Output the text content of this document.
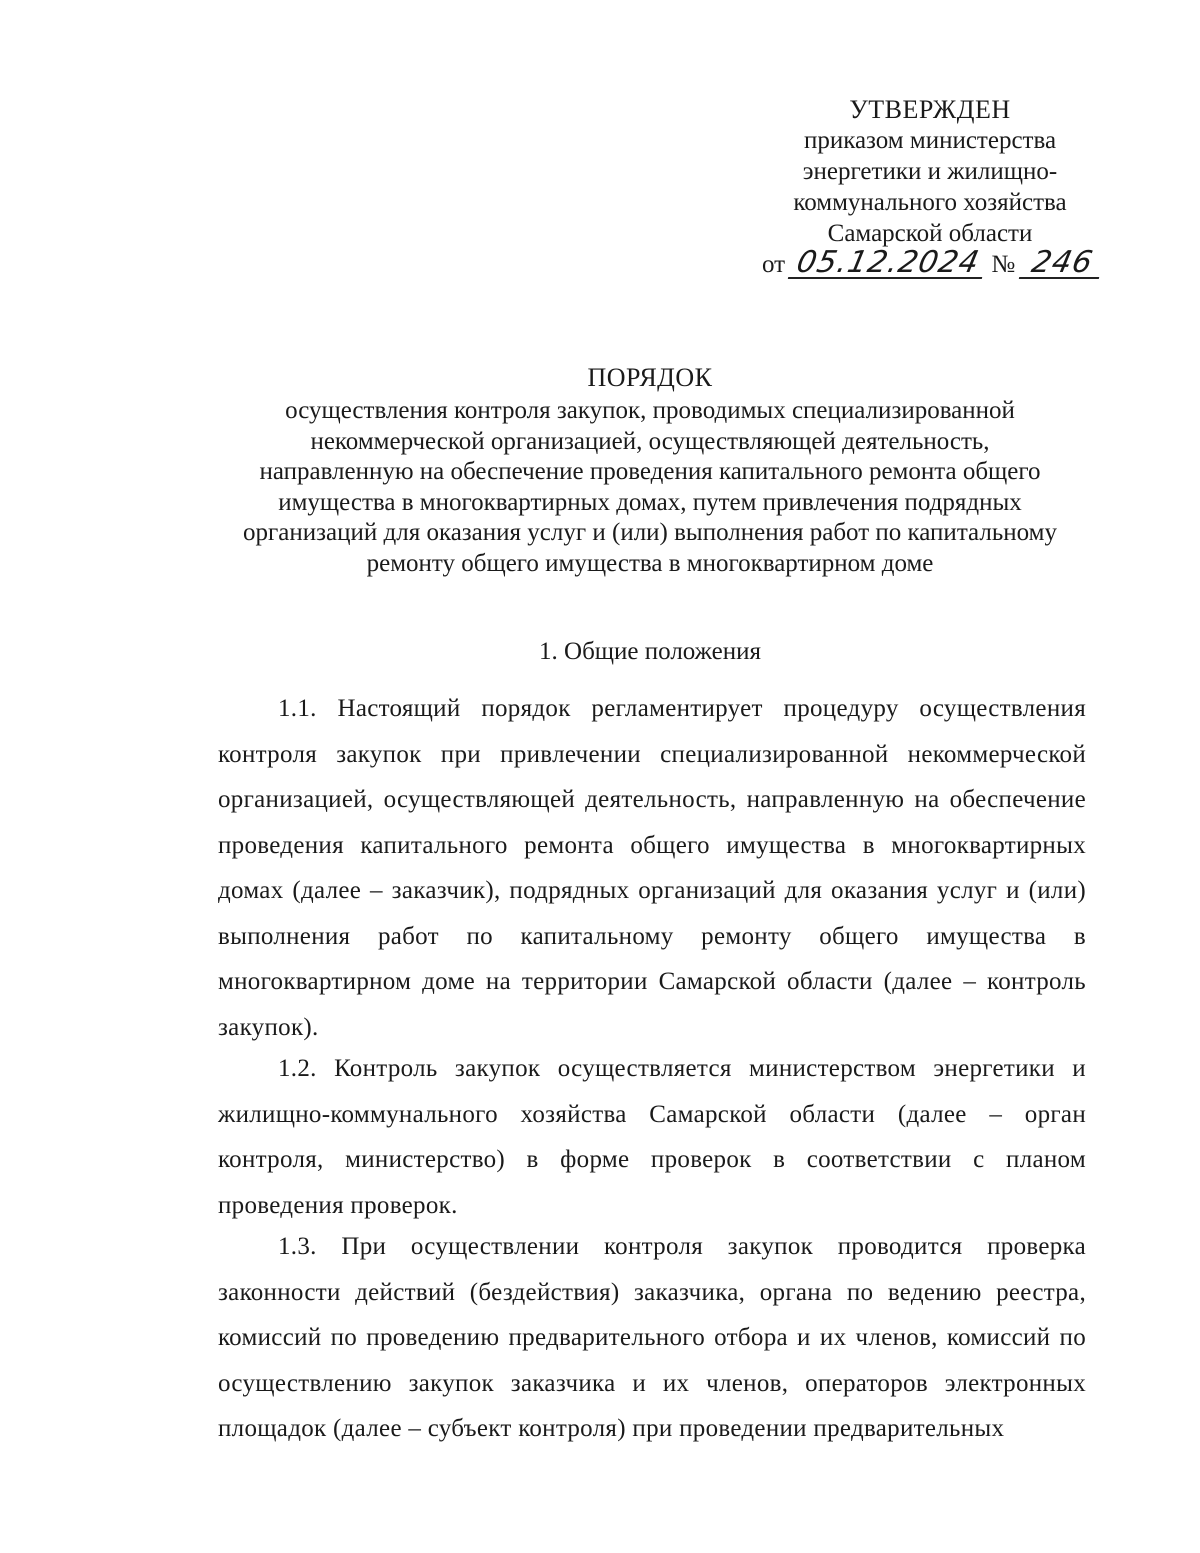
УТВЕРЖДЕН
приказом министерства
энергетики и жилищно-
коммунального хозяйства
Самарской области
от 05.12.2024 № 246
ПОРЯДОК
осуществления контроля закупок, проводимых специализированной
некоммерческой организацией, осуществляющей деятельность,
направленную на обеспечение проведения капитального ремонта общего
имущества в многоквартирных домах, путем привлечения подрядных
организаций для оказания услуг и (или) выполнения работ по капитальному
ремонту общего имущества в многоквартирном доме
1. Общие положения

1.1. Настоящий порядок регламентирует процедуру осуществления контроля закупок при привлечении специализированной некоммерческой организацией, осуществляющей деятельность, направленную на обеспечение проведения капитального ремонта общего имущества в многоквартирных домах (далее – заказчик), подрядных организаций для оказания услуг и (или) выполнения работ по капитальному ремонту общего имущества в многоквартирном доме на территории Самарской области (далее – контроль закупок).

1.2. Контроль закупок осуществляется министерством энергетики и жилищно-коммунального хозяйства Самарской области (далее – орган контроля, министерство) в форме проверок в соответствии с планом проведения проверок.

1.3. При осуществлении контроля закупок проводится проверка законности действий (бездействия) заказчика, органа по ведению реестра, комиссий по проведению предварительного отбора и их членов, комиссий по осуществлению закупок заказчика и их членов, операторов электронных площадок (далее – субъект контроля) при проведении предварительных
